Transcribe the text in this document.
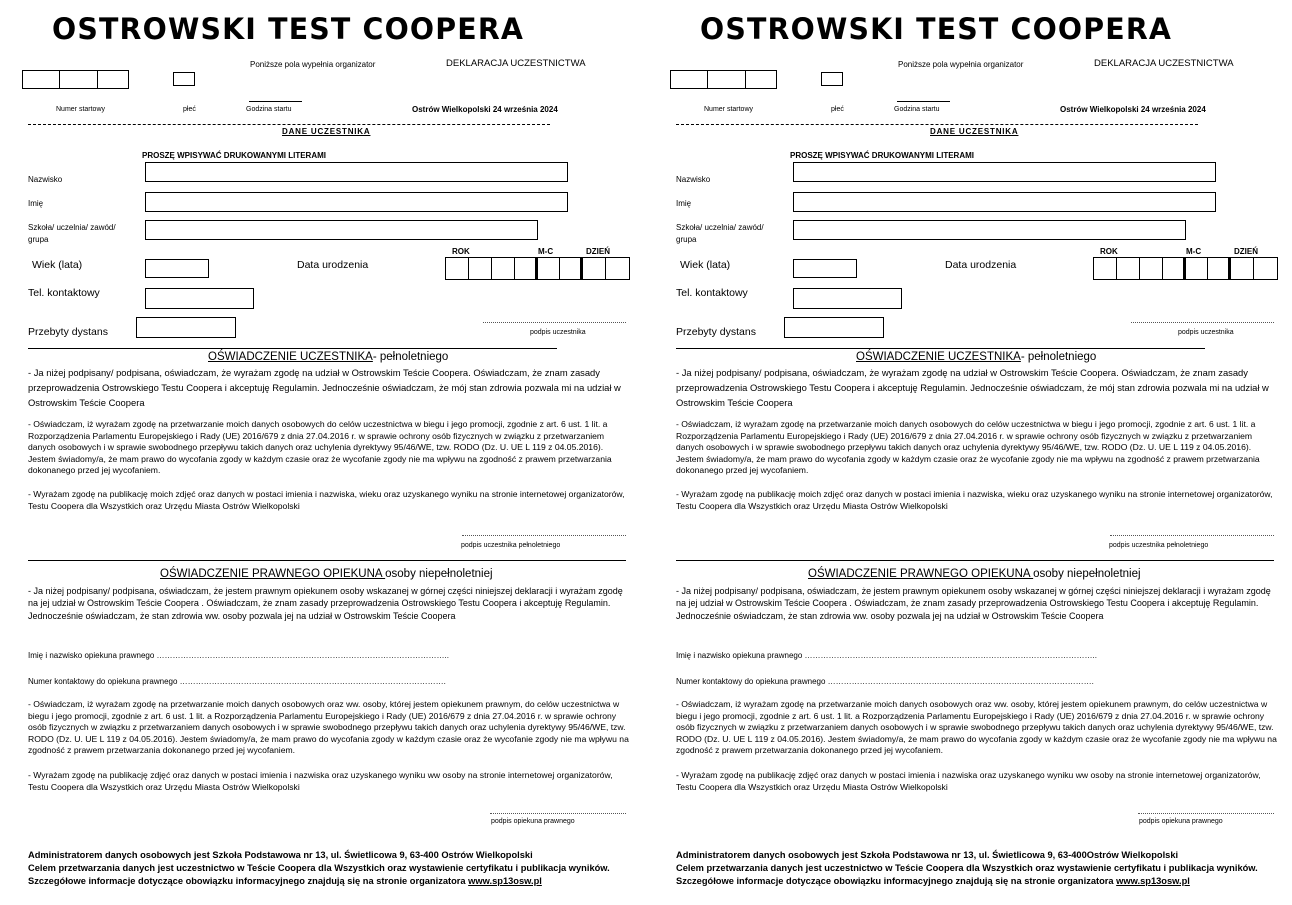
OSTROWSKI TEST COOPERA
Poniższe pola wypełnia organizator	DEKLARACJA UCZESTNICTWA
Numer startowy	płeć	Godzina startu	Ostrów Wielkopolski 24 września 2024
DANE UCZESTNIKA
PROSZĘ WPISYWAĆ DRUKOWANYMI LITERAMI
Nazwisko
Imię
Szkoła/ uczelnia/ zawód/
grupa
ROK	M-C	DZIEŃ
Wiek (lata)	Data urodzenia
Tel. kontaktowy
Przebyty dystans	podpis uczestnika
OŚWIADCZENIE UCZESTNIKA- pełnoletniego
- Ja niżej podpisany/ podpisana, oświadczam, że wyrażam zgodę na udział w Ostrowskim Teście Coopera. Oświadczam, że znam zasady przeprowadzenia Ostrowskiego Testu Coopera i akceptuję Regulamin. Jednocześnie oświadczam, że mój stan zdrowia pozwala mi na udział w Ostrowskim Teście Coopera
- Oświadczam, iż wyrażam zgodę na przetwarzanie moich danych osobowych do celów uczestnictwa w biegu i jego promocji, zgodnie z art. 6 ust. 1 lit. a Rozporządzenia Parlamentu Europejskiego i Rady (UE) 2016/679 z dnia 27.04.2016 r. w sprawie ochrony osób fizycznych w związku z przetwarzaniem danych osobowych i w sprawie swobodnego przepływu takich danych oraz uchylenia dyrektywy 95/46/WE, tzw. RODO (Dz. U. UE L 119 z 04.05.2016). Jestem świadomy/a, że mam prawo do wycofania zgody w każdym czasie oraz że wycofanie zgody nie ma wpływu na zgodność z prawem przetwarzania dokonanego przed jej wycofaniem.
- Wyrażam zgodę na publikację moich zdjęć oraz danych w postaci imienia i nazwiska, wieku oraz uzyskanego wyniku na stronie internetowej organizatorów, Testu Coopera dla Wszystkich oraz Urzędu Miasta Ostrów Wielkopolski
podpis uczestnika pełnoletniego
OŚWIADCZENIE PRAWNEGO OPIEKUNA osoby niepełnoletniej
- Ja niżej podpisany/ podpisana, oświadczam, że jestem prawnym opiekunem osoby wskazanej w górnej części niniejszej deklaracji i wyrażam zgodę na jej udział w Ostrowskim Teście Coopera . Oświadczam, że znam zasady przeprowadzenia Ostrowskiego Testu Coopera i akceptuję Regulamin. Jednocześnie oświadczam, że stan zdrowia ww. osoby pozwala jej na udział w Ostrowskim Teście Coopera
Imię i nazwisko opiekuna prawnego ………………………………………………………………………………………………..
Numer kontaktowy do opiekuna prawnego ……………………………………………………………………………………….
- Oświadczam, iż wyrażam zgodę na przetwarzanie moich danych osobowych oraz ww. osoby, której jestem opiekunem prawnym, do celów uczestnictwa w biegu i jego promocji, zgodnie z art. 6 ust. 1 lit. a Rozporządzenia Parlamentu Europejskiego i Rady (UE) 2016/679 z dnia 27.04.2016 r. w sprawie ochrony osób fizycznych w związku z przetwarzaniem danych osobowych i w sprawie swobodnego przepływu takich danych oraz uchylenia dyrektywy 95/46/WE, tzw. RODO (Dz. U. UE L 119 z 04.05.2016). Jestem świadomy/a, że mam prawo do wycofania zgody w każdym czasie oraz że wycofanie zgody nie ma wpływu na zgodność z prawem przetwarzania dokonanego przed jej wycofaniem.
- Wyrażam zgodę na publikację zdjęć oraz danych w postaci imienia i nazwiska oraz uzyskanego wyniku ww osoby na stronie internetowej organizatorów, Testu Coopera dla Wszystkich oraz Urzędu Miasta Ostrów Wielkopolski
podpis opiekuna prawnego
Administratorem danych osobowych jest Szkoła Podstawowa nr 13, ul. Świetlicowa 9, 63-400 Ostrów Wielkopolski
Celem przetwarzania danych jest uczestnictwo w Teście Coopera dla Wszystkich oraz wystawienie certyfikatu i publikacja wyników.
Szczegółowe informacje dotyczące obowiązku informacyjnego znajdują się na stronie organizatora www.sp13osw.pl
OSTROWSKI TEST COOPERA
Poniższe pola wypełnia organizator	DEKLARACJA UCZESTNICTWA
Numer startowy	płeć	Godzina startu	Ostrów Wielkopolski 24 września 2024
DANE UCZESTNIKA
PROSZĘ WPISYWAĆ DRUKOWANYMI LITERAMI
Nazwisko
Imię
Szkoła/ uczelnia/ zawód/
grupa
ROK	M-C	DZIEŃ
Wiek (lata)	Data urodzenia
Tel. kontaktowy
Przebyty dystans	podpis uczestnika
OŚWIADCZENIE UCZESTNIKA- pełnoletniego
- Ja niżej podpisany/ podpisana, oświadczam, że wyrażam zgodę na udział w Ostrowskim Teście Coopera. Oświadczam, że znam zasady przeprowadzenia Ostrowskiego Testu Coopera i akceptuję Regulamin. Jednocześnie oświadczam, że mój stan zdrowia pozwala mi na udział w Ostrowskim Teście Coopera
- Oświadczam, iż wyrażam zgodę na przetwarzanie moich danych osobowych do celów uczestnictwa w biegu i jego promocji, zgodnie z art. 6 ust. 1 lit. a Rozporządzenia Parlamentu Europejskiego i Rady (UE) 2016/679 z dnia 27.04.2016 r. w sprawie ochrony osób fizycznych w związku z przetwarzaniem danych osobowych i w sprawie swobodnego przepływu takich danych oraz uchylenia dyrektywy 95/46/WE, tzw. RODO (Dz. U. UE L 119 z 04.05.2016). Jestem świadomy/a, że mam prawo do wycofania zgody w każdym czasie oraz że wycofanie zgody nie ma wpływu na zgodność z prawem przetwarzania dokonanego przed jej wycofaniem.
- Wyrażam zgodę na publikację moich zdjęć oraz danych w postaci imienia i nazwiska, wieku oraz uzyskanego wyniku na stronie internetowej organizatorów, Testu Coopera dla Wszystkich oraz Urzędu Miasta Ostrów Wielkopolski
podpis uczestnika pełnoletniego
OŚWIADCZENIE PRAWNEGO OPIEKUNA osoby niepełnoletniej
- Ja niżej podpisany/ podpisana, oświadczam, że jestem prawnym opiekunem osoby wskazanej w górnej części niniejszej deklaracji i wyrażam zgodę na jej udział w Ostrowskim Teście Coopera . Oświadczam, że znam zasady przeprowadzenia Ostrowskiego Testu Coopera i akceptuję Regulamin. Jednocześnie oświadczam, że stan zdrowia ww. osoby pozwala jej na udział w Ostrowskim Teście Coopera
Imię i nazwisko opiekuna prawnego ………………………………………………………………………………………………..
Numer kontaktowy do opiekuna prawnego ……………………………………………………………………………………….
- Oświadczam, iż wyrażam zgodę na przetwarzanie moich danych osobowych oraz ww. osoby, której jestem opiekunem prawnym, do celów uczestnictwa w biegu i jego promocji, zgodnie z art. 6 ust. 1 lit. a Rozporządzenia Parlamentu Europejskiego i Rady (UE) 2016/679 z dnia 27.04.2016 r. w sprawie ochrony osób fizycznych w związku z przetwarzaniem danych osobowych i w sprawie swobodnego przepływu takich danych oraz uchylenia dyrektywy 95/46/WE, tzw. RODO (Dz. U. UE L 119 z 04.05.2016). Jestem świadomy/a, że mam prawo do wycofania zgody w każdym czasie oraz że wycofanie zgody nie ma wpływu na zgodność z prawem przetwarzania dokonanego przed jej wycofaniem.
- Wyrażam zgodę na publikację zdjęć oraz danych w postaci imienia i nazwiska oraz uzyskanego wyniku ww osoby na stronie internetowej organizatorów, Testu Coopera dla Wszystkich oraz Urzędu Miasta Ostrów Wielkopolski
podpis opiekuna prawnego
Administratorem danych osobowych jest Szkoła Podstawowa nr 13, ul. Świetlicowa 9, 63-400Ostrów Wielkopolski
Celem przetwarzania danych jest uczestnictwo w Teście Coopera dla Wszystkich oraz wystawienie certyfikatu i publikacja wyników.
Szczegółowe informacje dotyczące obowiązku informacyjnego znajdują się na stronie organizatora www.sp13osw.pl
